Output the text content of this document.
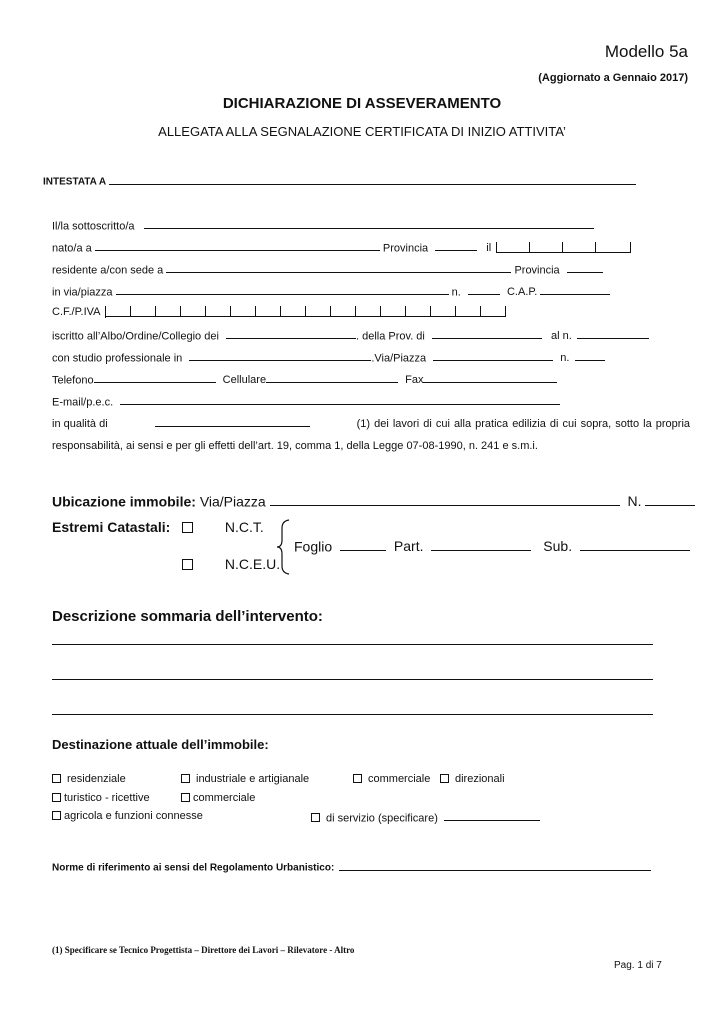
Modello 5a
(Aggiornato a Gennaio 2017)
DICHIARAZIONE DI ASSEVERAMENTO
ALLEGATA ALLA SEGNALAZIONE CERTIFICATA DI INIZIO ATTIVITA’
INTESTATA A
Il/la sottoscritto/a
nato/a a	Provincia	il
residente a/con sede a	Provincia
in via/piazza	n.	C.A.P.
C.F./P.IVA
iscritto all’Albo/Ordine/Collegio dei	. della Prov. di	al n.
con studio professionale in	.Via/Piazza	n.
Telefono	Cellulare	Fax
E-mail/p.e.c.
in qualità di	(1) dei lavori di cui alla pratica edilizia di cui sopra, sotto la propria
responsabilità, ai sensi e per gli effetti dell’art. 19, comma 1, della Legge 07-08-1990, n. 241 e s.m.i.
Ubicazione immobile: Via/Piazza	N.
Estremi Catastali:	N.C.T.
N.C.E.U.
Foglio	Part.	Sub.
Descrizione sommaria dell’intervento:
Destinazione attuale dell’immobile:
residenziale	industriale e artigianale	commerciale	direzionali
turistico - ricettive	commerciale
agricola e funzioni connesse	di servizio (specificare)
Norme di riferimento ai sensi del Regolamento Urbanistico:
(1) Specificare se Tecnico Progettista – Direttore dei Lavori – Rilevatore - Altro
Pag. 1 di 7
